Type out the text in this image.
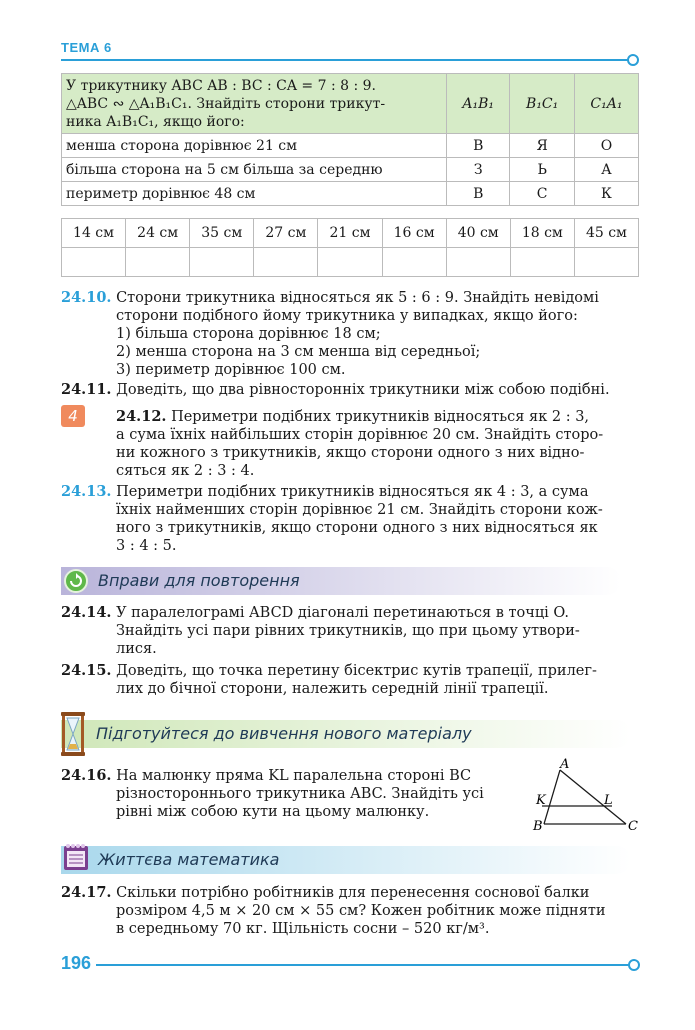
ТЕМА 6
У трикутнику ABC AB : BC : CA = 7 : 8 : 9.
△ABC ∾ △A₁B₁C₁. Знайдіть сторони трикут-
ника A₁B₁C₁, якщо його:	A₁B₁	B₁C₁	C₁A₁
менша сторона дорівнює 21 см	В	Я	О
більша сторона на 5 см більша за середню	З	Ь	А
периметр дорівнює 48 см	В	С	К
14 см	24 см	35 см	27 см	21 см	16 см	40 см	18 см	45 см

24.10. Сторони трикутника відносяться як 5 : 6 : 9. Знайдіть невідомі
сторони подібного йому трикутника у випадках, якщо його:
1) більша сторона дорівнює 18 см;
2) менша сторона на 3 см менша від середньої;
3) периметр дорівнює 100 см.
24.11. Доведіть, що два рівносторонніх трикутники між собою подібні.
4	24.12. Периметри подібних трикутників відносяться як 2 : 3,
а сума їхніх найбільших сторін дорівнює 20 см. Знайдіть сторо-
ни кожного з трикутників, якщо сторони одного з них відно-
сяться як 2 : 3 : 4.
24.13. Периметри подібних трикутників відносяться як 4 : 3, а сума
їхніх найменших сторін дорівнює 21 см. Знайдіть сторони кож-
ного з трикутників, якщо сторони одного з них відносяться як
3 : 4 : 5.
Вправи для повторення
24.14. У паралелограмі ABCD діагоналі перетинаються в точці O.
Знайдіть усі пари рівних трикутників, що при цьому утвори-
лися.
24.15. Доведіть, що точка перетину бісектрис кутів трапеції, прилег-
лих до бічної сторони, належить середній лінії трапеції.
Підготуйтеся до вивчення нового матеріалу
24.16. На малюнку пряма KL паралельна стороні BC
різностороннього трикутника ABC. Знайдіть усі
рівні між собою кути на цьому малюнку.
A
B	C
K	L
Життєва математика
24.17. Скільки потрібно робітників для перенесення соснової балки
розміром 4,5 м × 20 см × 55 см? Кожен робітник може підняти
в середньому 70 кг. Щільність сосни – 520 кг/м³.
196
